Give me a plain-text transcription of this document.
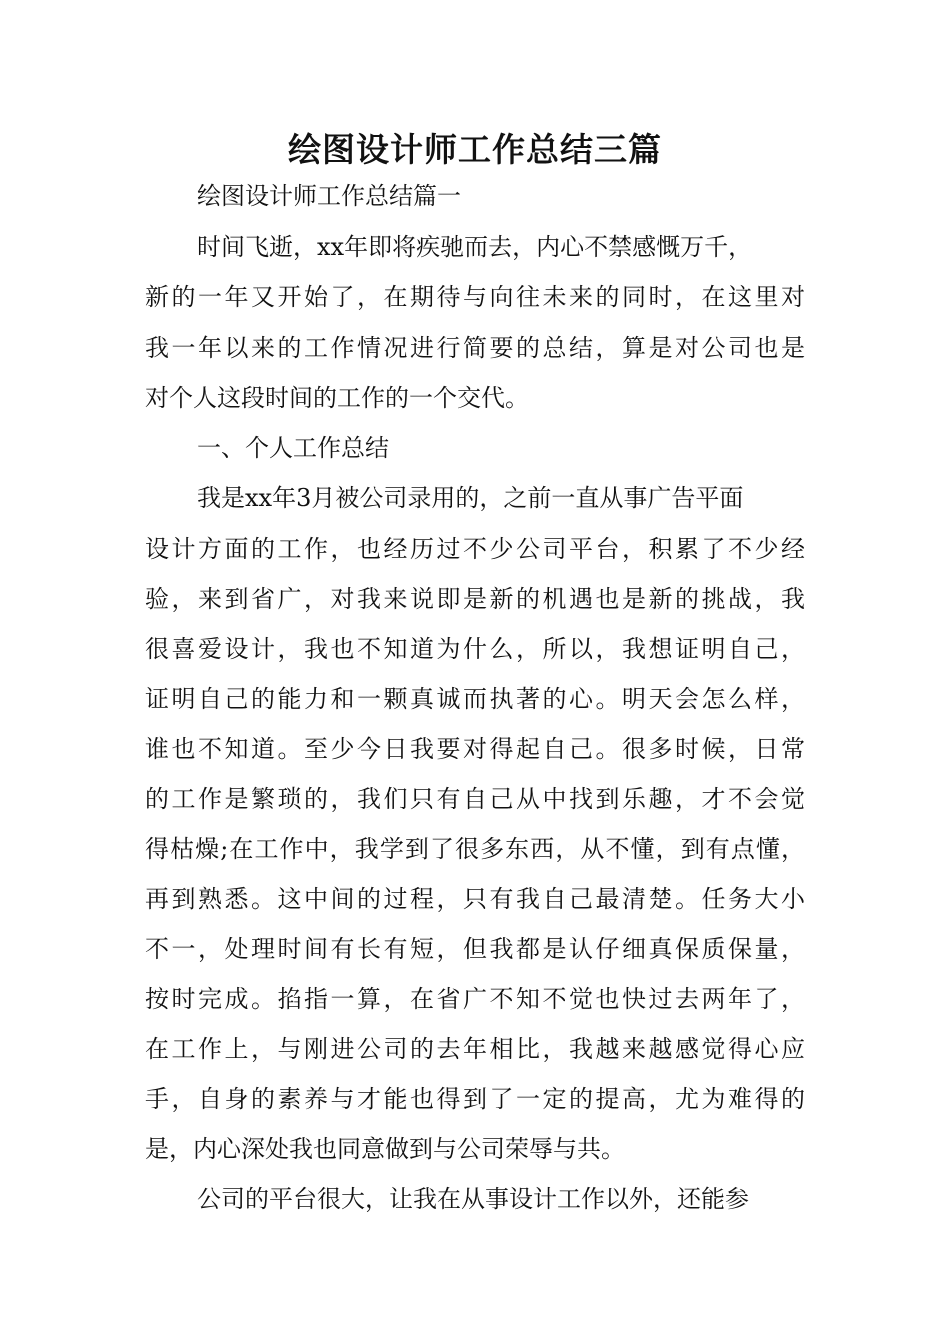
绘图设计师工作总结三篇
绘图设计师工作总结篇一
时间飞逝，xx年即将疾驰而去，内心不禁感慨万千，
新的一年又开始了，在期待与向往未来的同时，在这里对
我一年以来的工作情况进行简要的总结，算是对公司也是
对个人这段时间的工作的一个交代。
一、个人工作总结
我是xx年3月被公司录用的，之前一直从事广告平面
设计方面的工作，也经历过不少公司平台，积累了不少经
验，来到省广，对我来说即是新的机遇也是新的挑战，我
很喜爱设计，我也不知道为什么，所以，我想证明自己，
证明自己的能力和一颗真诚而执著的心。明天会怎么样，
谁也不知道。至少今日我要对得起自己。很多时候，日常
的工作是繁琐的，我们只有自己从中找到乐趣，才不会觉
得枯燥;在工作中，我学到了很多东西，从不懂，到有点懂，
再到熟悉。这中间的过程，只有我自己最清楚。任务大小
不一，处理时间有长有短，但我都是认仔细真保质保量，
按时完成。掐指一算，在省广不知不觉也快过去两年了，
在工作上，与刚进公司的去年相比，我越来越感觉得心应
手，自身的素养与才能也得到了一定的提高，尤为难得的
是，内心深处我也同意做到与公司荣辱与共。
公司的平台很大，让我在从事设计工作以外，还能参
